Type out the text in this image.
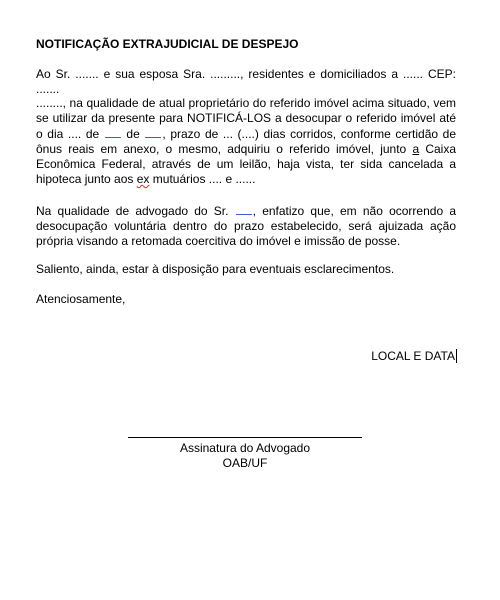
NOTIFICAÇÃO EXTRAJUDICIAL DE DESPEJO
Ao Sr. ....... e sua esposa Sra. ........., residentes e domiciliados a ...... CEP: .......
........, na qualidade de atual proprietário do referido imóvel acima situado, vem se utilizar da presente para NOTIFICÁ-LOS a desocupar o referido imóvel até o dia .... de  de , prazo de ... (....) dias corridos, conforme certidão de ônus reais em anexo, o mesmo, adquiriu o referido imóvel, junto a Caixa Econômica Federal, através de um leilão, haja vista, ter sida cancelada a hipoteca junto aos ex mutuários .... e ......
Na qualidade de advogado do Sr. , enfatizo que, em não ocorrendo a desocupação voluntária dentro do prazo estabelecido, será ajuizada ação própria visando a retomada coercitiva do imóvel e imissão de posse.
Saliento, ainda, estar à disposição para eventuais esclarecimentos.
Atenciosamente,
LOCAL E DATA
Assinatura do Advogado
OAB/UF
